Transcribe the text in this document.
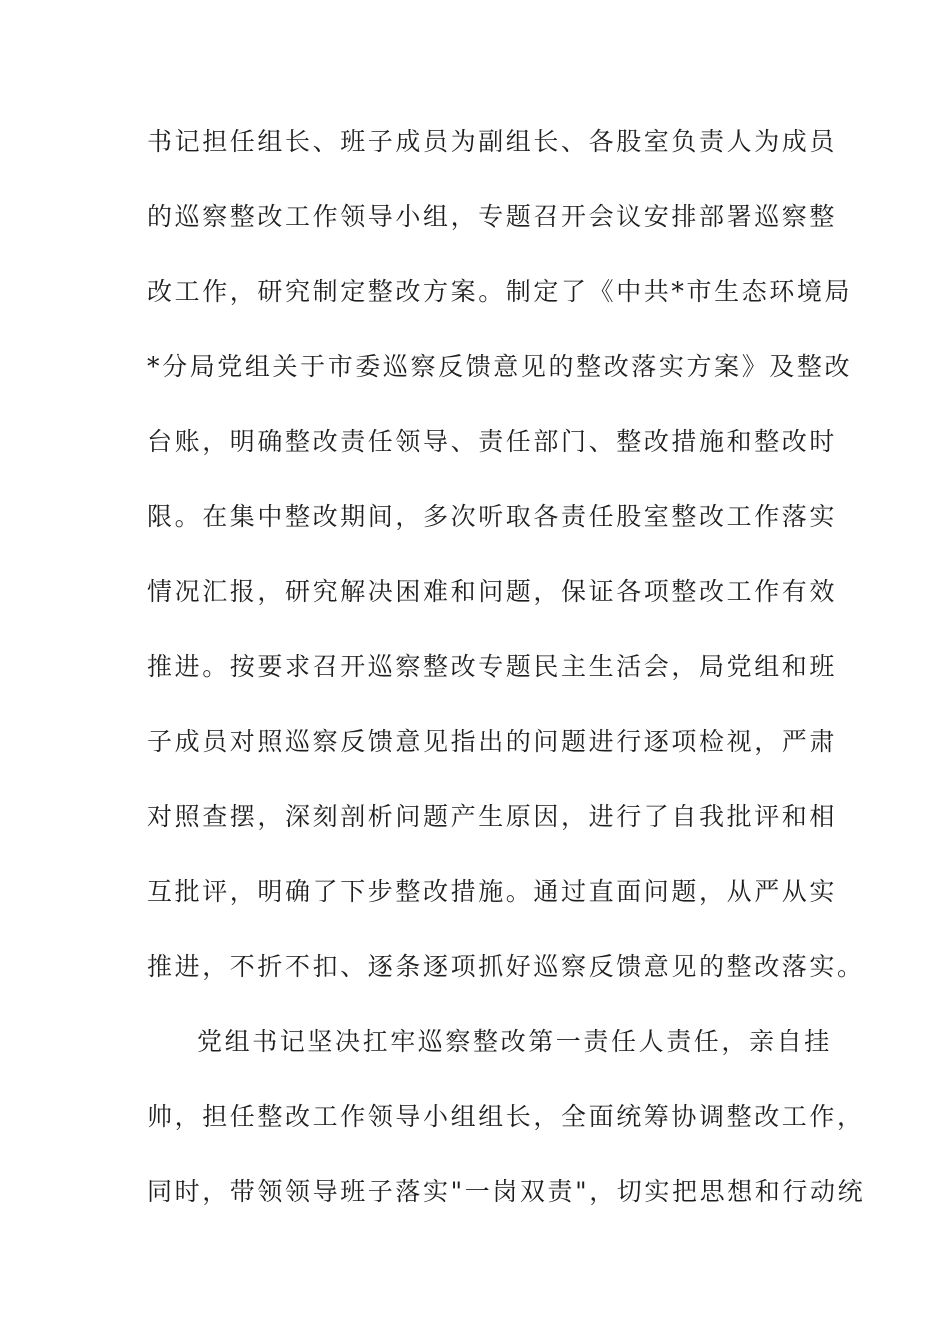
书记担任组长、班子成员为副组长、各股室负责人为成员
的巡察整改工作领导小组，专题召开会议安排部署巡察整
改工作，研究制定整改方案。制定了《中共*市生态环境局
*分局党组关于市委巡察反馈意见的整改落实方案》及整改
台账，明确整改责任领导、责任部门、整改措施和整改时
限。在集中整改期间，多次听取各责任股室整改工作落实
情况汇报，研究解决困难和问题，保证各项整改工作有效
推进。按要求召开巡察整改专题民主生活会，局党组和班
子成员对照巡察反馈意见指出的问题进行逐项检视，严肃
对照查摆，深刻剖析问题产生原因，进行了自我批评和相
互批评，明确了下步整改措施。通过直面问题，从严从实
推进，不折不扣、逐条逐项抓好巡察反馈意见的整改落实。
党组书记坚决扛牢巡察整改第一责任人责任，亲自挂
帅，担任整改工作领导小组组长，全面统筹协调整改工作，
同时，带领领导班子落实"一岗双责"，切实把思想和行动统
